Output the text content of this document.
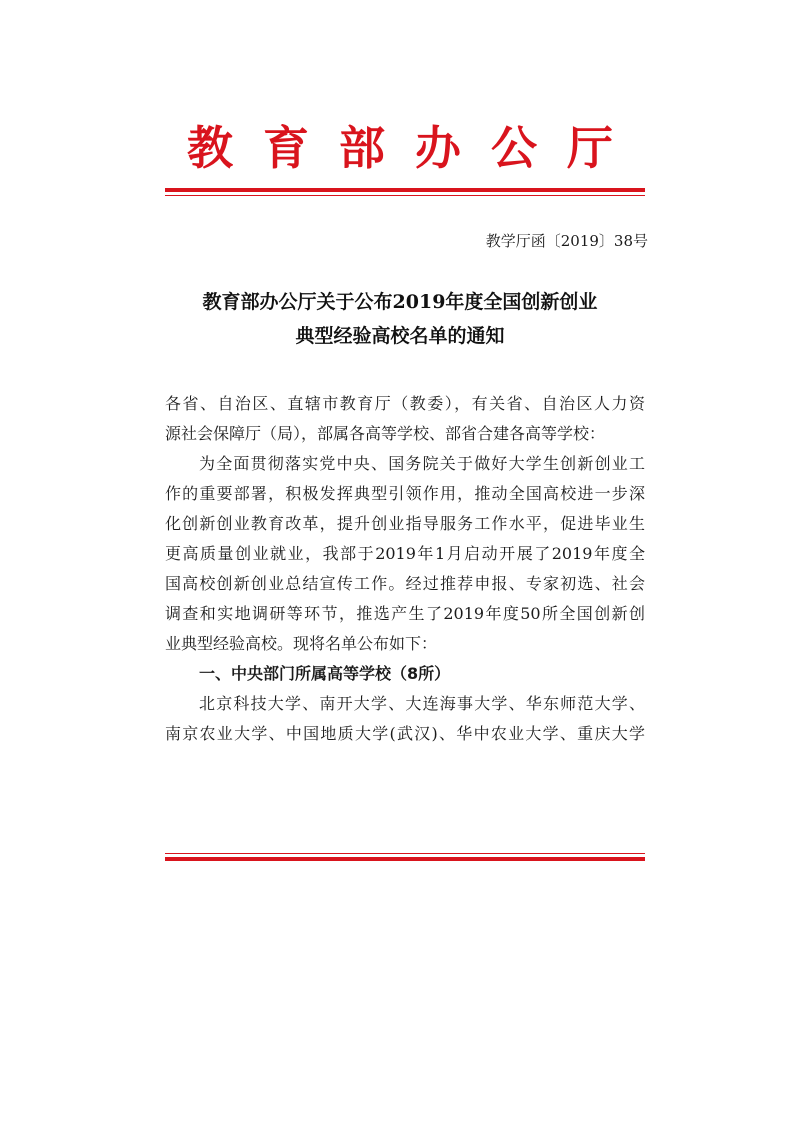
教育部办公厅
教学厅函〔2019〕38号
教育部办公厅关于公布2019年度全国创新创业
典型经验高校名单的通知
各省、自治区、直辖市教育厅（教委），有关省、自治区人力资
源社会保障厅（局），部属各高等学校、部省合建各高等学校：
为全面贯彻落实党中央、国务院关于做好大学生创新创业工
作的重要部署，积极发挥典型引领作用，推动全国高校进一步深
化创新创业教育改革，提升创业指导服务工作水平，促进毕业生
更高质量创业就业，我部于2019年1月启动开展了2019年度全
国高校创新创业总结宣传工作。经过推荐申报、专家初选、社会
调查和实地调研等环节，推选产生了2019年度50所全国创新创
业典型经验高校。现将名单公布如下：
一、中央部门所属高等学校（8所）
北京科技大学、南开大学、大连海事大学、华东师范大学、
南京农业大学、中国地质大学(武汉)、华中农业大学、重庆大学
